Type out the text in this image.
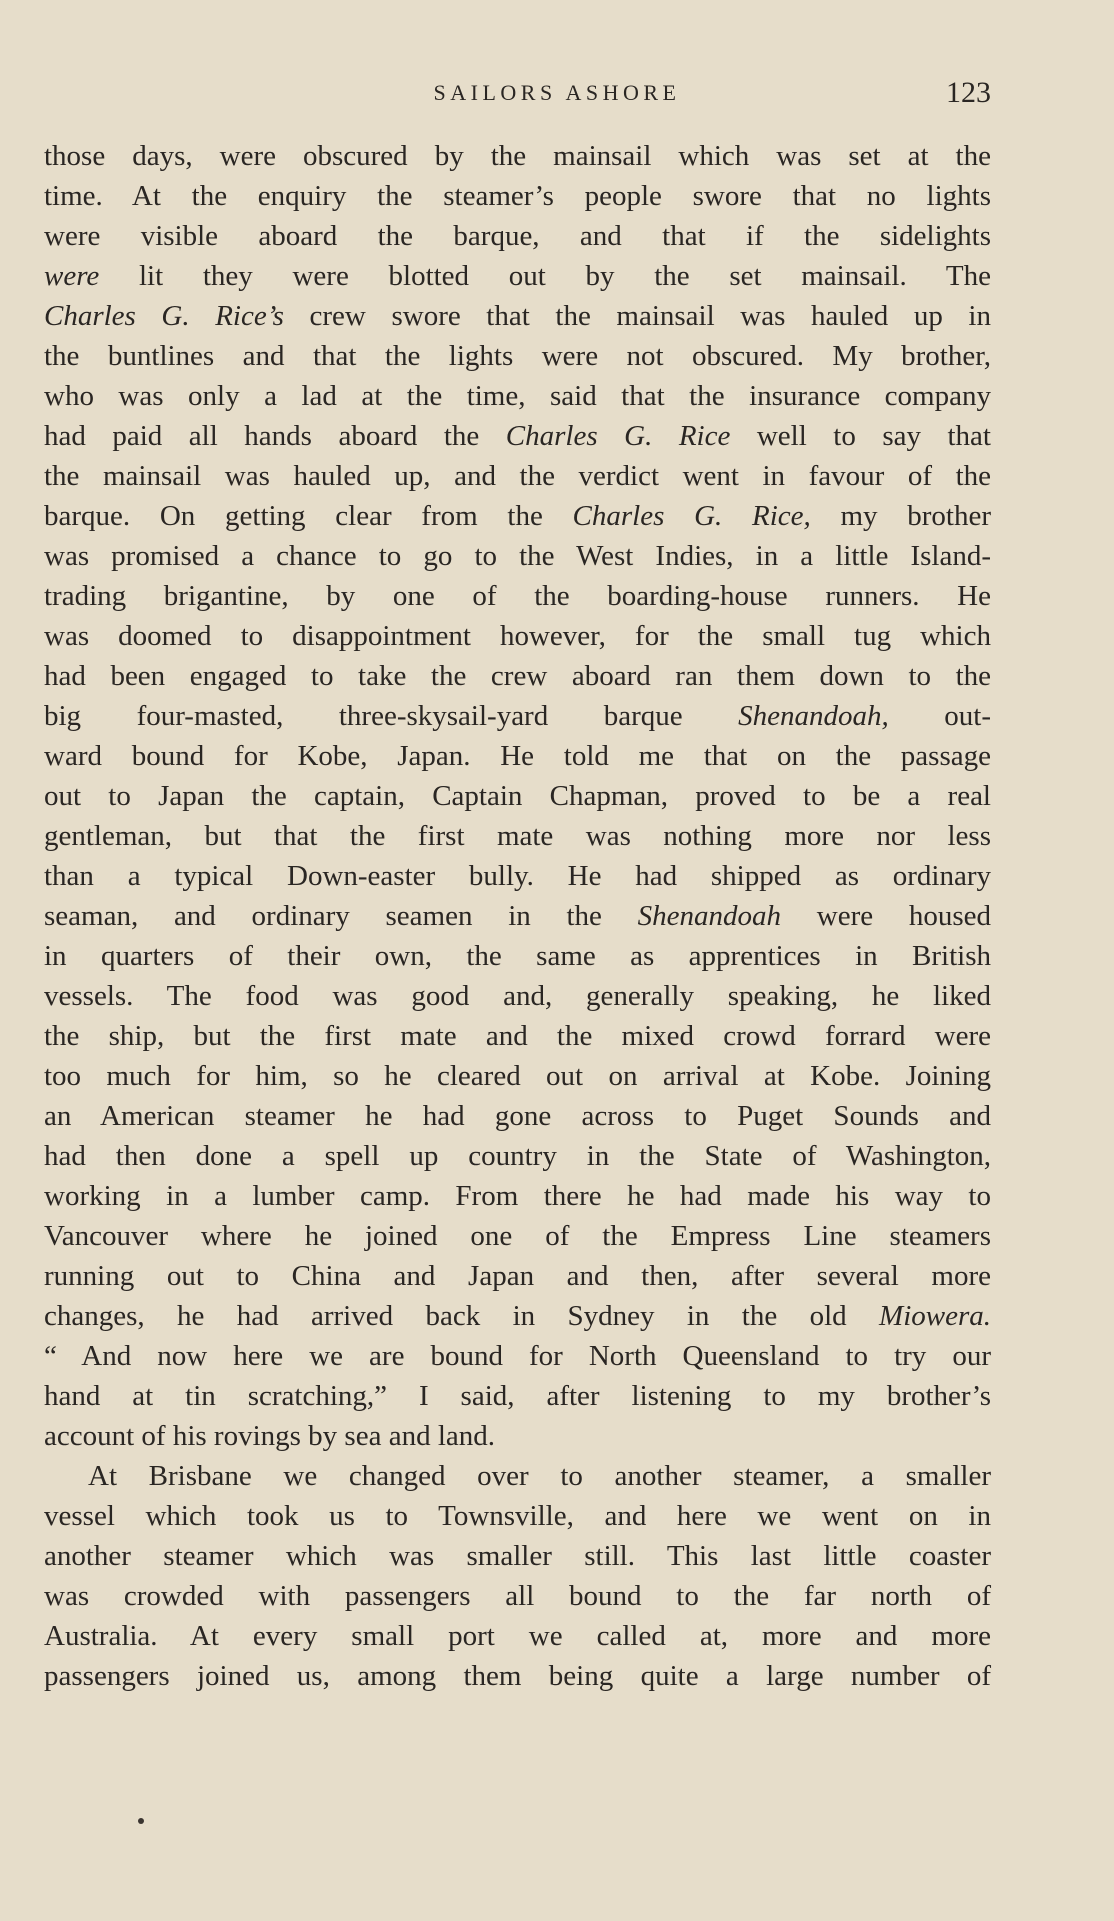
SAILORS ASHORE	123
those days, were obscured by the mainsail which was set at the
time. At the enquiry the steamer’s people swore that no lights
were visible aboard the barque, and that if the sidelights
were lit they were blotted out by the set mainsail. The
Charles G. Rice’s crew swore that the mainsail was hauled up in
the buntlines and that the lights were not obscured. My brother,
who was only a lad at the time, said that the insurance company
had paid all hands aboard the Charles G. Rice well to say that
the mainsail was hauled up, and the verdict went in favour of the
barque. On getting clear from the Charles G. Rice, my brother
was promised a chance to go to the West Indies, in a little Island-
trading brigantine, by one of the boarding-house runners. He
was doomed to disappointment however, for the small tug which
had been engaged to take the crew aboard ran them down to the
big four-masted, three-skysail-yard barque Shenandoah, out-
ward bound for Kobe, Japan. He told me that on the passage
out to Japan the captain, Captain Chapman, proved to be a real
gentleman, but that the first mate was nothing more nor less
than a typical Down-easter bully. He had shipped as ordinary
seaman, and ordinary seamen in the Shenandoah were housed
in quarters of their own, the same as apprentices in British
vessels. The food was good and, generally speaking, he liked
the ship, but the first mate and the mixed crowd forrard were
too much for him, so he cleared out on arrival at Kobe. Joining
an American steamer he had gone across to Puget Sounds and
had then done a spell up country in the State of Washington,
working in a lumber camp. From there he had made his way to
Vancouver where he joined one of the Empress Line steamers
running out to China and Japan and then, after several more
changes, he had arrived back in Sydney in the old Miowera.
“ And now here we are bound for North Queensland to try our
hand at tin scratching,” I said, after listening to my brother’s
account of his rovings by sea and land.
At Brisbane we changed over to another steamer, a smaller
vessel which took us to Townsville, and here we went on in
another steamer which was smaller still. This last little coaster
was crowded with passengers all bound to the far north of
Australia. At every small port we called at, more and more
passengers joined us, among them being quite a large number of
